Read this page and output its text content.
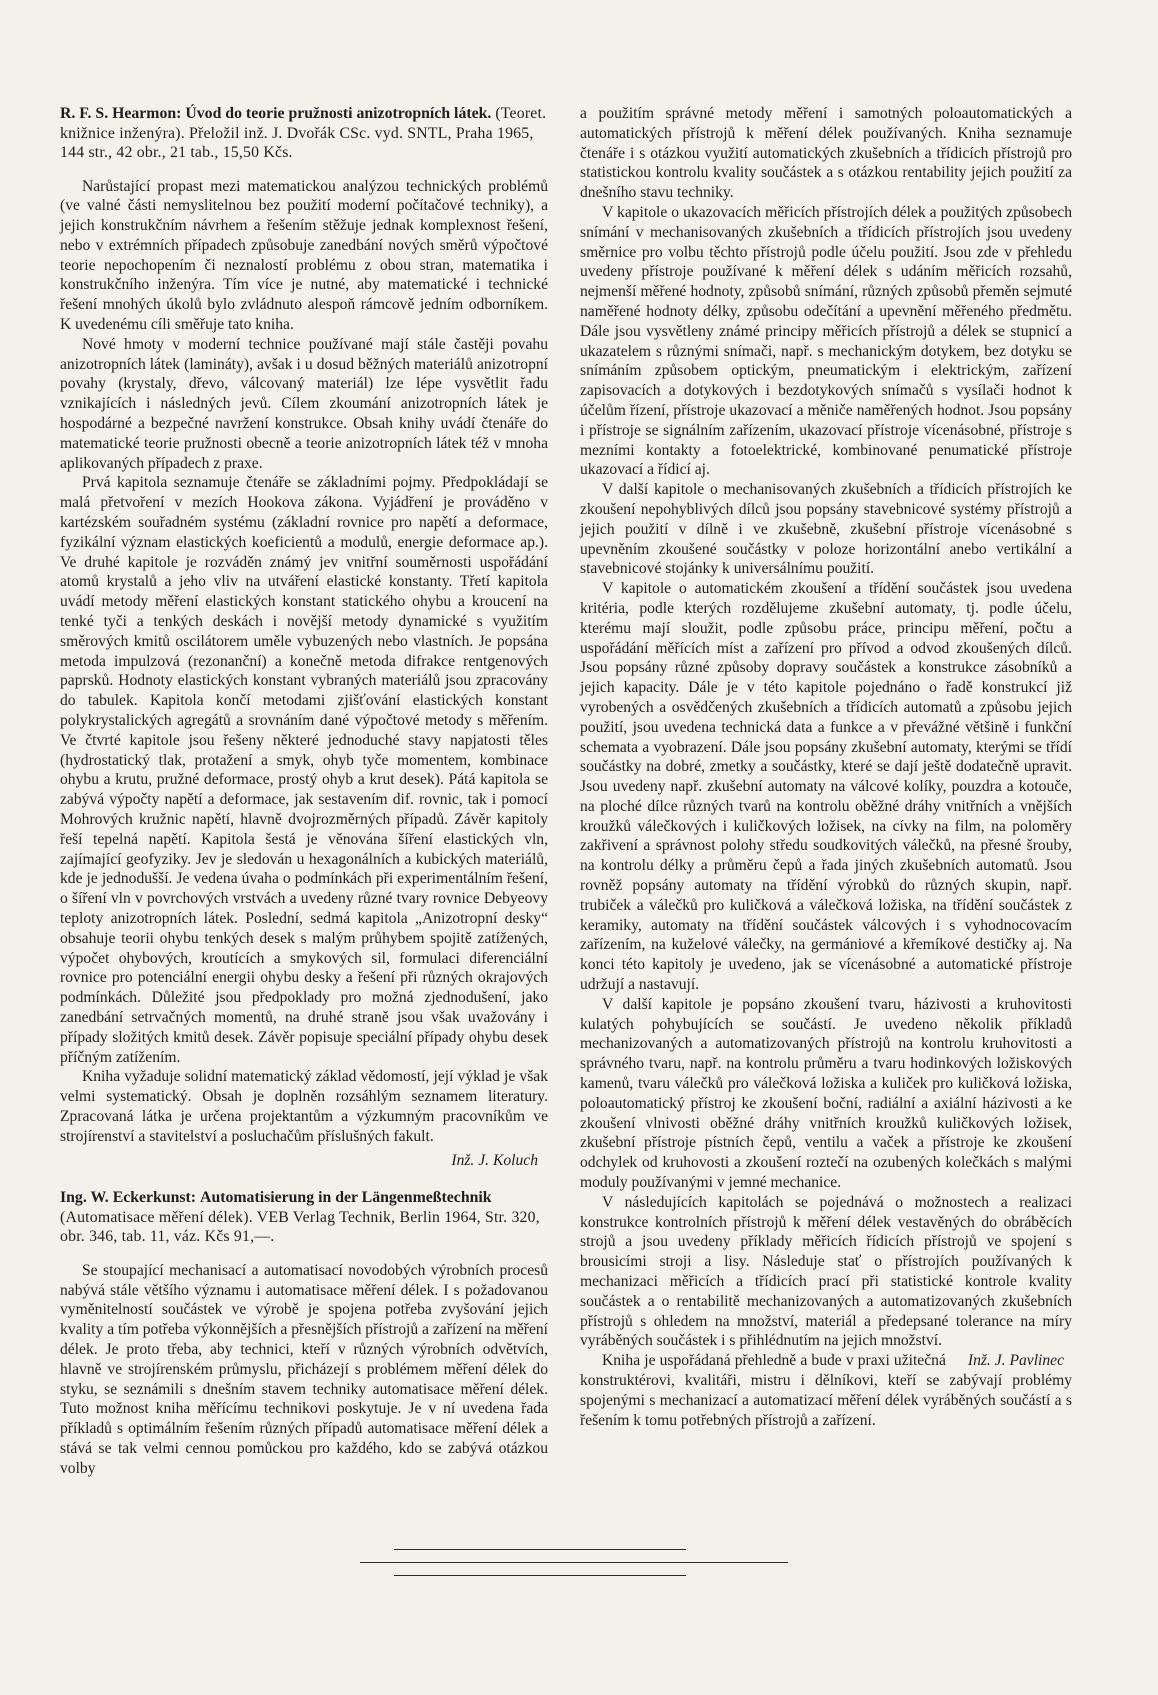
R. F. S. Hearmon: Úvod do teorie pružnosti anizotropních látek. (Teoret. knižnice inženýra). Přeložil inž. J. Dvořák CSc. vyd. SNTL, Praha 1965, 144 str., 42 obr., 21 tab., 15,50 Kčs.

Narůstající propast mezi matematickou analýzou technických problémů (ve valné části nemyslitelnou bez použití moderní počítačové techniky), a jejich konstrukčním návrhem a řešením stěžuje jednak komplexnost řešení, nebo v extrémních případech způsobuje zanedbání nových směrů výpočtové teorie nepochopením či neznalostí problému z obou stran, matematika i konstrukčního inženýra. Tím více je nutné, aby matematické i technické řešení mnohých úkolů bylo zvládnuto alespoň rámcově jedním odborníkem. K uvedenému cíli směřuje tato kniha.

Nové hmoty v moderní technice používané mají stále častěji povahu anizotropních látek (lamináty), avšak i u dosud běžných materiálů anizotropní povahy (krystaly, dřevo, válcovaný materiál) lze lépe vysvětlit řadu vznikajících i následných jevů. Cílem zkoumání anizotropních látek je hospodárné a bezpečné navržení konstrukce. Obsah knihy uvádí čtenáře do matematické teorie pružnosti obecně a teorie anizotropních látek též v mnoha aplikovaných případech z praxe.

Prvá kapitola seznamuje čtenáře se základními pojmy. Předpokládají se malá přetvoření v mezích Hookova zákona. Vyjádření je prováděno v kartézském souřadném systému (základní rovnice pro napětí a deformace, fyzikální význam elastických koeficientů a modulů, energie deformace ap.). Ve druhé kapitole je rozváděn známý jev vnitřní souměrnosti uspořádání atomů krystalů a jeho vliv na utváření elastické konstanty. Třetí kapitola uvádí metody měření elastických konstant statického ohybu a kroucení na tenké tyči a tenkých deskách i novější metody dynamické s využitím směrových kmitů oscilátorem uměle vybuzených nebo vlastních. Je popsána metoda impulzová (rezonanční) a konečně metoda difrakce rentgenových paprsků. Hodnoty elastických konstant vybraných materiálů jsou zpracovány do tabulek. Kapitola končí metodami zjišťování elastických konstant polykrystalických agregátů a srovnáním dané výpočtové metody s měřením. Ve čtvrté kapitole jsou řešeny některé jednoduché stavy napjatosti těles (hydrostatický tlak, protažení a smyk, ohyb tyče momentem, kombinace ohybu a krutu, pružné deformace, prostý ohyb a krut desek). Pátá kapitola se zabývá výpočty napětí a deformace, jak sestavením dif. rovnic, tak i pomocí Mohrových kružnic napětí, hlavně dvojrozměrných případů. Závěr kapitoly řeší tepelná napětí. Kapitola šestá je věnována šíření elastických vln, zajímající geofyziky. Jev je sledován u hexagonálních a kubických materiálů, kde je jednodušší. Je vedena úvaha o podmínkách při experimentálním řešení, o šíření vln v povrchových vrstvách a uvedeny různé tvary rovnice Debyeovy teploty anizotropních látek. Poslední, sedmá kapitola „Anizotropní desky“ obsahuje teorii ohybu tenkých desek s malým průhybem spojitě zatížených, výpočet ohybových, kroutících a smykových sil, formulaci diferenciální rovnice pro potenciální energii ohybu desky a řešení při různých okrajových podmínkách. Důležité jsou předpoklady pro možná zjednodušení, jako zanedbání setrvačných momentů, na druhé straně jsou však uvažovány i případy složitých kmitů desek. Závěr popisuje speciální případy ohybu desek příčným zatížením.

Kniha vyžaduje solidní matematický základ vědomostí, její výklad je však velmi systematický. Obsah je doplněn rozsáhlým seznamem literatury. Zpracovaná látka je určena projektantům a výzkumným pracovníkům ve strojírenství a stavitelství a posluchačům příslušných fakult.

Inž. J. Koluch
Ing. W. Eckerkunst: Automatisierung in der Längenmeßtechnik (Automatisace měření délek). VEB Verlag Technik, Berlin 1964, Str. 320, obr. 346, tab. 11, váz. Kčs 91,—.

Se stoupající mechanisací a automatisací novodobých výrobních procesů nabývá stále většího významu i automatisace měření délek. I s požadovanou vyměnitelností součástek ve výrobě je spojena potřeba zvyšování jejich kvality a tím potřeba výkonnějších a přesnějších přístrojů a zařízení na měření délek. Je proto třeba, aby technici, kteří v různých výrobních odvětvích, hlavně ve strojírenském průmyslu, přicházejí s problémem měření délek do styku, se seznámili s dnešním stavem techniky automatisace měření délek. Tuto možnost kniha měřícímu technikovi poskytuje. Je v ní uvedena řada příkladů s optimálním řešením různých případů automatisace měření délek a stává se tak velmi cennou pomůckou pro každého, kdo se zabývá otázkou volby

a použitím správné metody měření i samotných poloautomatických a automatických přístrojů k měření délek používaných. Kniha seznamuje čtenáře i s otázkou využití automatických zkušebních a třídicích přístrojů pro statistickou kontrolu kvality součástek a s otázkou rentability jejich použití za dnešního stavu techniky.

V kapitole o ukazovacích měřicích přístrojích délek a použitých způsobech snímání v mechanisovaných zkušebních a třídicích přístrojích jsou uvedeny směrnice pro volbu těchto přístrojů podle účelu použití. Jsou zde v přehledu uvedeny přístroje používané k měření délek s udáním měřicích rozsahů, nejmenší měřené hodnoty, způsobů snímání, různých způsobů přeměn sejmuté naměřené hodnoty délky, způsobu odečítání a upevnění měřeného předmětu. Dále jsou vysvětleny známé principy měřicích přístrojů a délek se stupnicí a ukazatelem s různými snímači, např. s mechanickým dotykem, bez dotyku se snímáním způsobem optickým, pneumatickým i elektrickým, zařízení zapisovacích a dotykových i bezdotykových snímačů s vysílači hodnot k účelům řízení, přístroje ukazovací a měniče naměřených hodnot. Jsou popsány i přístroje se signálním zařízením, ukazovací přístroje vícenásobné, přístroje s mezními kontakty a fotoelektrické, kombinované penumatické přístroje ukazovací a řídicí aj.

V další kapitole o mechanisovaných zkušebních a třídicích přístrojích ke zkoušení nepohyblivých dílců jsou popsány stavebnicové systémy přístrojů a jejich použití v dílně i ve zkušebně, zkušební přístroje vícenásobné s upevněním zkoušené součástky v poloze horizontální anebo vertikální a stavebnicové stojánky k universálnímu použití.

V kapitole o automatickém zkoušení a třídění součástek jsou uvedena kritéria, podle kterých rozdělujeme zkušební automaty, tj. podle účelu, kterému mají sloužit, podle způsobu práce, principu měření, počtu a uspořádání měřících míst a zařízení pro přívod a odvod zkoušených dílců. Jsou popsány různé způsoby dopravy součástek a konstrukce zásobníků a jejich kapacity. Dále je v této kapitole pojednáno o řadě konstrukcí již vyrobených a osvědčených zkušebních a třídicích automatů a způsobu jejich použití, jsou uvedena technická data a funkce a v převážné většině i funkční schemata a vyobrazení. Dále jsou popsány zkušební automaty, kterými se třídí součástky na dobré, zmetky a součástky, které se dají ještě dodatečně upravit. Jsou uvedeny např. zkušební automaty na válcové kolíky, pouzdra a kotouče, na ploché dílce různých tvarů na kontrolu oběžné dráhy vnitřních a vnějších kroužků válečkových i kuličkových ložisek, na cívky na film, na poloměry zakřivení a správnost polohy středu soudkovitých válečků, na přesné šrouby, na kontrolu délky a průměru čepů a řada jiných zkušebních automatů. Jsou rovněž popsány automaty na třídění výrobků do různých skupin, např. trubiček a válečků pro kuličková a válečková ložiska, na třídění součástek z keramiky, automaty na třídění součástek válcových i s vyhodnocovacím zařízením, na kuželové válečky, na germániové a křemíkové destičky aj. Na konci této kapitoly je uvedeno, jak se vícenásobné a automatické přístroje udržují a nastavují.

V další kapitole je popsáno zkoušení tvaru, házivosti a kruhovitosti kulatých pohybujících se součástí. Je uvedeno několik příkladů mechanizovaných a automatizovaných přístrojů na kontrolu kruhovitosti a správného tvaru, např. na kontrolu průměru a tvaru hodinkových ložiskových kamenů, tvaru válečků pro válečková ložiska a kuliček pro kuličková ložiska, poloautomatický přístroj ke zkoušení boční, radiální a axiální házivosti a ke zkoušení vlnivosti oběžné dráhy vnitřních kroužků kuličkových ložisek, zkušební přístroje pístních čepů, ventilu a vaček a přístroje ke zkoušení odchylek od kruhovosti a zkoušení roztečí na ozubených kolečkách s malými moduly používanými v jemné mechanice.

V následujících kapitolách se pojednává o možnostech a realizaci konstrukce kontrolních přístrojů k měření délek vestavěných do obráběcích strojů a jsou uvedeny příklady měřicích řídicích přístrojů ve spojení s brousicími stroji a lisy. Následuje stať o přístrojích používaných k mechanizaci měřicích a třídicích prací při statistické kontrole kvality součástek a o rentabilitě mechanizovaných a automatizovaných zkušebních přístrojů s ohledem na množství, materiál a předepsané tolerance na míry vyráběných součástek i s přihlédnutím na jejich množství.

Inž. J. Pavlinec
Kniha je uspořádaná přehledně a bude v praxi užitečná konstruktérovi, kvalitáři, mistru i dělníkovi, kteří se zabývají problémy spojenými s mechanizací a automatizací měření délek vyráběných součástí a s řešením k tomu potřebných přístrojů a zařízení.
